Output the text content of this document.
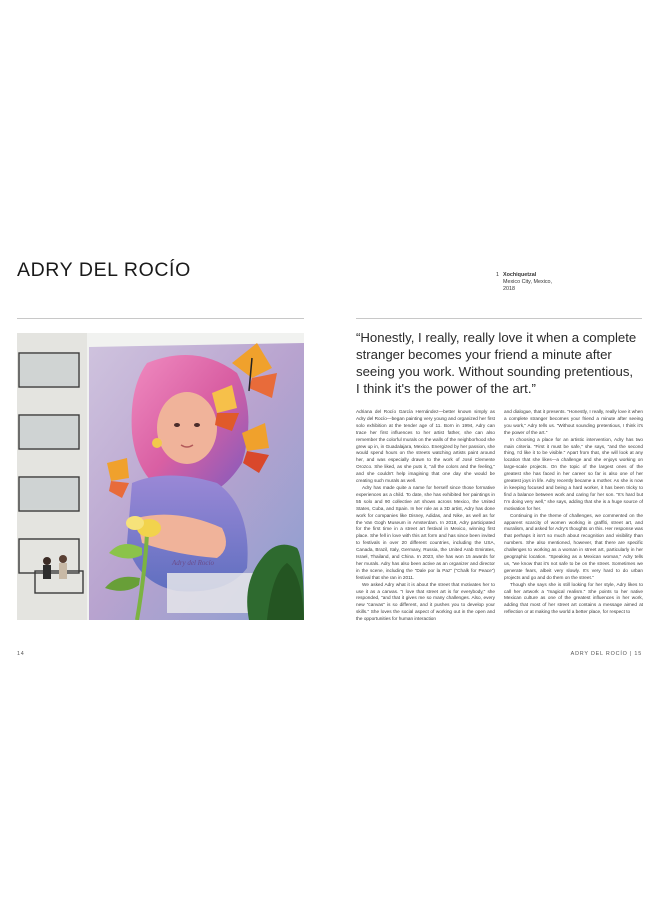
ADRY DEL ROCÍO	1 Xochiquetzal
Mexico City, Mexico,
2018
Adry del Rocío
“Honestly, I really, really love it when a complete
stranger becomes your friend a minute after
seeing you work. Without sounding pretentious,
I think it's the power of the art.”

Adriana del Rocío García Hernández—better known simply as Adry del Rocío—began painting very young and organized her first solo exhibition at the tender age of 11. Born in 1994, Adry can trace her first influences to her artist father, she can also remember the colorful murals on the walls of the neighborhood she grew up in, in Guadalajara, Mexico. Energized by her passion, she would spend hours on the streets watching artists paint around her, and was especially drawn to the work of José Clemente Orozco. She liked, as she puts it, "all the colors and the feeling," and she couldn't help imagining that one day she would be creating such murals as well.

Adry has made quite a name for herself since those formative experiences as a child. To date, she has exhibited her paintings in 55 solo and 90 collective art shows across Mexico, the United States, Cuba, and Spain. In her role as a 3D artist, Adry has done work for companies like Disney, Adidas, and Nike, as well as for the Van Gogh Museum in Amsterdam. In 2018, Adry participated for the first time in a street art festival in Mexico, winning first place. She fell in love with this art form and has since been invited to festivals in over 20 different countries, including the USA, Canada, Brazil, Italy, Germany, Russia, the United Arab Emirates, Israel, Thailand, and China. In 2023, she has won 15 awards for her murals. Adry has also been active as an organizer and director in the scene, including the "Dale por la Paz" ("Chalk for Peace") festival that she ran in 2011.

We asked Adry what it is about the street that motivates her to use it as a canvas. "I love that street art is for everybody," she responded, "and that it gives me so many challenges. Also, every new "canvas" is so different, and it pushes you to develop your skills." She loves the social aspect of working out in the open and the opportunities for human interaction

and dialogue, that it presents. "Honestly, I really, really love it when a complete stranger becomes your friend a minute after seeing you work," Adry tells us. "Without sounding pretentious, I think it's the power of the art."

In choosing a place for an artistic intervention, Adry has two main criteria. "First it must be safe," she says, "and the second thing, I'd like it to be visible." Apart from that, she will look at any location that she likes—a challenge and she enjoys working on large-scale projects. On the topic of the largest ones of the greatest she has faced in her career so far is also one of her greatest joys in life. Adry recently became a mother. As she is now in keeping focused and being a hard worker, it has been tricky to find a balance between work and caring for her son. "It's hard but I'm doing very well," she says, adding that she is a huge source of motivation for her.

Continuing in the theme of challenges, we commented on the apparent scarcity of women working in graffiti, street art, and muralism, and asked for Adry's thoughts on this. Her response was that perhaps it isn't so much about recognition and visibility than numbers. She also mentioned, however, that there are specific challenges to working as a woman in street art, particularly in her geographic location. "Speaking as a Mexican woman," Adry tells us, "we know that it's not safe to be on the street. Sometimes we generate fears, albeit very slowly. It's very hard to do urban projects and go and do them on the street."

Though she says she is still looking for her style, Adry likes to call her artwork a "magical realism." She points to her native Mexican culture as one of the greatest influences in her work, adding that most of her street art contains a message aimed at reflection or at making the world a better place, for respect to

14	ADRY DEL ROCÍO | 15
